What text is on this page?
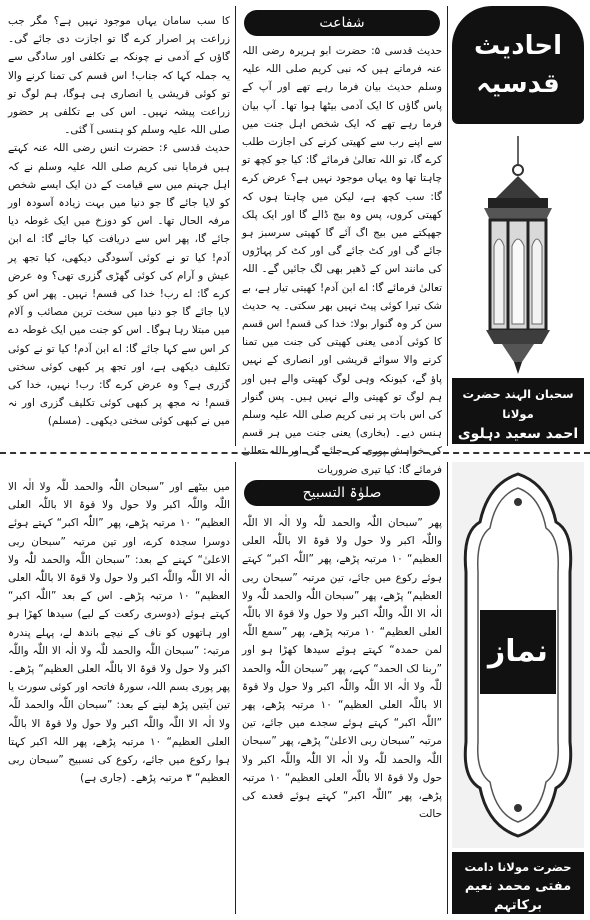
احادیث
قدسیہ
سحبان الہند حضرت مولانا
احمد سعید دہلوی
شفاعت

حدیث قدسی ۵: حضرت ابو ہریرہ رضی اللہ عنہ فرماتے ہیں کہ نبی کریم صلی اللہ علیہ وسلم حدیث بیان فرما رہے تھے اور آپ کے پاس گاؤں کا ایک آدمی بیٹھا ہوا تھا۔ آپ بیان فرما رہے تھے کہ ایک شخص اہل جنت میں سے اپنے رب سے کھیتی کرنے کی اجازت طلب کرے گا، تو اللہ تعالیٰ فرمائے گا: کیا جو کچھ تو چاہتا تھا وہ یہاں موجود نہیں ہے؟ عرض کرے گا: سب کچھ ہے، لیکن میں چاہتا ہوں کہ کھیتی کروں، پس وہ بیج ڈالے گا اور ایک پلک جھپکتے میں بیج اگ آئے گا کھیتی سرسبز ہو جائے گی اور کٹ جائے گی اور کٹ کر پہاڑوں کی مانند اس کے ڈھیر بھی لگ جائیں گے۔ اللہ تعالیٰ فرمائے گا: اے ابن آدم! کھیتی تیار ہے، بے شک تیرا کوئی پیٹ نہیں بھر سکتی۔ یہ حدیث سن کر وہ گنوار بولا: خدا کی قسم! اس قسم کا کوئی آدمی یعنی کھیتی کی جنت میں تمنا کرنے والا سوائے قریشی اور انصاری کے نہیں پاؤ گے، کیونکہ وہی لوگ کھیتی والے ہیں اور ہم لوگ تو کھیتی والے نہیں ہیں۔ پس گنوار کی اس بات پر نبی کریم صلی اللہ علیہ وسلم ہنس دیے۔ (بخاری) یعنی جنت میں ہر قسم کی خواہش پوری کی جائے گی اور اللہ تعالیٰ فرمائے گا: کیا تیری ضروریات

کا سب سامان یہاں موجود نہیں ہے؟ مگر جب زراعت پر اصرار کرے گا تو اجازت دی جائے گی۔ گاؤں کے آدمی نے چونکہ بے تکلفی اور سادگی سے یہ جملہ کہا کہ جناب! اس قسم کی تمنا کرنے والا تو کوئی قریشی یا انصاری ہی ہوگا، ہم لوگ تو زراعت پیشہ نہیں۔ اس کی بے تکلفی پر حضور صلی اللہ علیہ وسلم کو ہنسی آ گئی۔

حدیث قدسی ۶: حضرت انس رضی اللہ عنہ کہتے ہیں فرمایا نبی کریم صلی اللہ علیہ وسلم نے کہ اہل جہنم میں سے قیامت کے دن ایک ایسے شخص کو لایا جائے گا جو دنیا میں بہت زیادہ آسودہ اور مرفہ الحال تھا۔ اس کو دوزخ میں ایک غوطہ دیا جائے گا، پھر اس سے دریافت کیا جائے گا: اے ابن آدم! کیا تو نے کوئی آسودگی دیکھی، کیا تجھ پر عیش و آرام کی کوئی گھڑی گزری تھی؟ وہ عرض کرے گا: اے رب! خدا کی قسم! نہیں۔ پھر اس کو لایا جائے گا جو دنیا میں سخت ترین مصائب و آلام میں مبتلا رہا ہوگا۔ اس کو جنت میں ایک غوطہ دے کر اس سے کہا جائے گا: اے ابن آدم! کیا تو نے کوئی تکلیف دیکھی ہے، اور تجھ پر کبھی کوئی سختی گزری ہے؟ وہ عرض کرے گا: رب! نہیں، خدا کی قسم! نہ مجھ پر کبھی کوئی تکلیف گزری اور نہ میں نے کبھی کوئی سختی دیکھی۔ (مسلم)

نماز
حضرت مولانا دامت
مفتی محمد نعیم برکاتہم
صلوٰۃ التسبیح

پھر ”سبحان اللّٰہ والحمد للّٰہ ولا الٰہ الا اللّٰہ واللّٰہ اکبر ولا حول ولا قوۃ الا باللّٰہ العلی العظیم“ ۱۰ مرتبہ پڑھے، پھر ”اللّٰہ اکبر“ کہتے ہوئے رکوع میں جائے، تین مرتبہ ”سبحان ربی العظیم“ پڑھے، پھر ”سبحان اللّٰہ والحمد للّٰہ ولا الٰہ الا اللّٰہ واللّٰہ اکبر ولا حول ولا قوۃ الا باللّٰہ العلی العظیم“ ۱۰ مرتبہ پڑھے، پھر ”سمع اللّٰہ لمن حمدہ“ کہتے ہوئے سیدھا کھڑا ہو اور ”ربنا لک الحمد“ کہے، پھر ”سبحان اللّٰہ والحمد للّٰہ ولا الٰہ الا اللّٰہ واللّٰہ اکبر ولا حول ولا قوۃ الا باللّٰہ العلی العظیم“ ۱۰ مرتبہ پڑھے، پھر ”اللّٰہ اکبر“ کہتے ہوئے سجدے میں جائے، تین مرتبہ ”سبحان ربی الاعلیٰ“ پڑھے، پھر ”سبحان اللّٰہ والحمد للّٰہ ولا الٰہ الا اللّٰہ واللّٰہ اکبر ولا حول ولا قوۃ الا باللّٰہ العلی العظیم“ ۱۰ مرتبہ پڑھے، پھر ”اللّٰہ اکبر“ کہتے ہوئے قعدے کی حالت

میں بیٹھے اور ”سبحان اللّٰہ والحمد للّٰہ ولا الٰہ الا اللّٰہ واللّٰہ اکبر ولا حول ولا قوۃ الا باللّٰہ العلی العظیم“ ۱۰ مرتبہ پڑھے، پھر ”اللّٰہ اکبر“ کہتے ہوئے دوسرا سجدہ کرے، اور تین مرتبہ ”سبحان ربی الاعلیٰ“ کہنے کے بعد: ”سبحان اللّٰہ والحمد للّٰہ ولا الٰہ الا اللّٰہ واللّٰہ اکبر ولا حول ولا قوۃ الا باللّٰہ العلی العظیم“ ۱۰ مرتبہ پڑھے۔ اس کے بعد ”اللّٰہ اکبر“ کہتے ہوئے (دوسری رکعت کے لیے) سیدھا کھڑا ہو اور ہاتھوں کو ناف کے نیچے باندھ لے، پہلے پندرہ مرتبہ: ”سبحان اللّٰہ والحمد للّٰہ ولا الٰہ الا اللّٰہ واللّٰہ اکبر ولا حول ولا قوۃ الا باللّٰہ العلی العظیم“ پڑھے۔ پھر پوری بسم اللہ، سورۂ فاتحہ اور کوئی سورت یا تین آیتیں پڑھ لینے کے بعد: ”سبحان اللّٰہ والحمد للّٰہ ولا الٰہ الا اللّٰہ واللّٰہ اکبر ولا حول ولا قوۃ الا باللّٰہ العلی العظیم“ ۱۰ مرتبہ پڑھے، پھر اللہ اکبر کہتا ہوا رکوع میں جائے، رکوع کی تسبیح ”سبحان ربی العظیم“ ۳ مرتبہ پڑھے۔ (جاری ہے)
